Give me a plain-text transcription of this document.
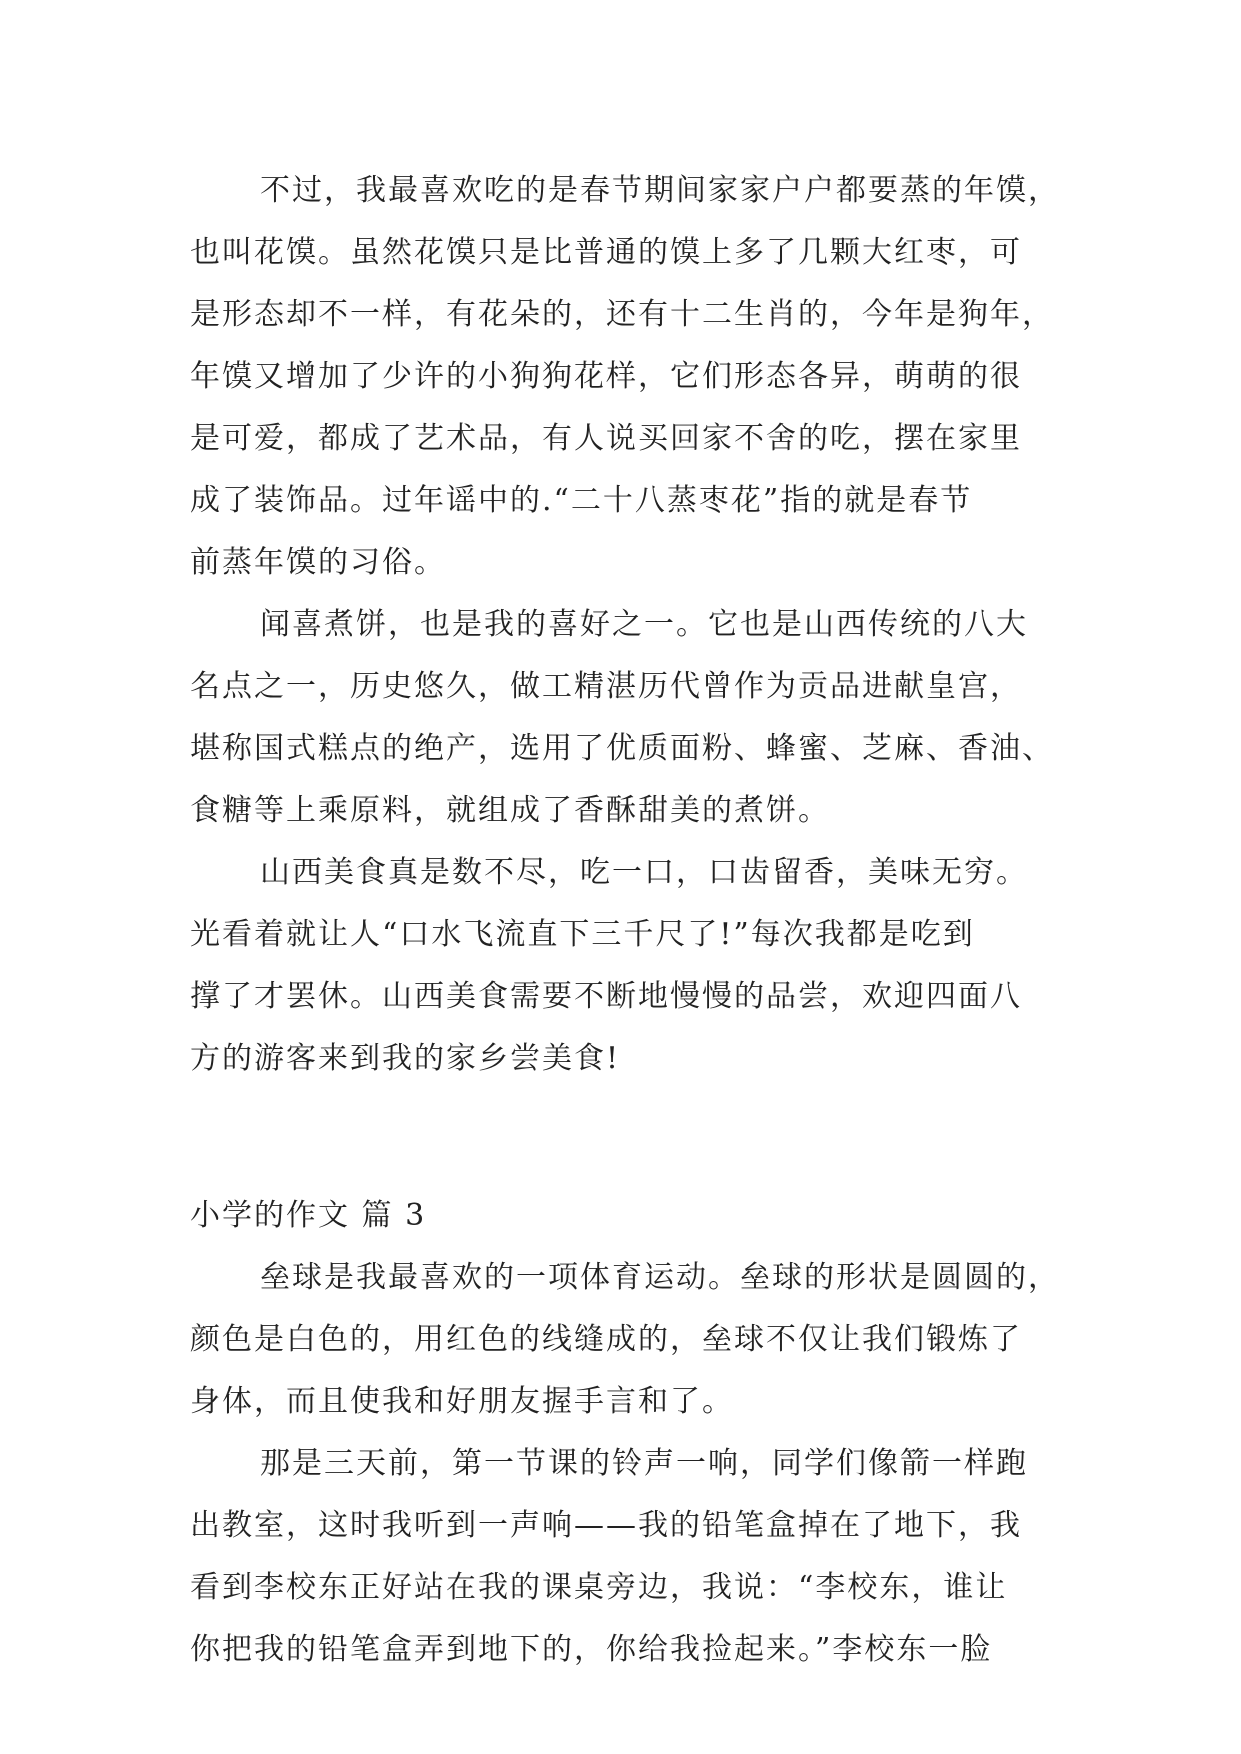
不过，我最喜欢吃的是春节期间家家户户都要蒸的年馍，
也叫花馍。虽然花馍只是比普通的馍上多了几颗大红枣，可
是形态却不一样，有花朵的，还有十二生肖的，今年是狗年，
年馍又增加了少许的小狗狗花样，它们形态各异，萌萌的很
是可爱，都成了艺术品，有人说买回家不舍的吃，摆在家里
成了装饰品。过年谣中的.“二十八蒸枣花”指的就是春节
前蒸年馍的习俗。
闻喜煮饼，也是我的喜好之一。它也是山西传统的八大
名点之一，历史悠久，做工精湛历代曾作为贡品进献皇宫，
堪称国式糕点的绝产，选用了优质面粉、蜂蜜、芝麻、香油、
食糖等上乘原料，就组成了香酥甜美的煮饼。
山西美食真是数不尽，吃一口，口齿留香，美味无穷。
光看着就让人“口水飞流直下三千尺了!”每次我都是吃到
撑了才罢休。山西美食需要不断地慢慢的品尝，欢迎四面八
方的游客来到我的家乡尝美食!
小学的作文 篇 3
垒球是我最喜欢的一项体育运动。垒球的形状是圆圆的，
颜色是白色的，用红色的线缝成的，垒球不仅让我们锻炼了
身体，而且使我和好朋友握手言和了。
那是三天前，第一节课的铃声一响，同学们像箭一样跑
出教室，这时我听到一声响——我的铅笔盒掉在了地下，我
看到李校东正好站在我的课桌旁边，我说：“李校东，谁让
你把我的铅笔盒弄到地下的，你给我捡起来。”李校东一脸
